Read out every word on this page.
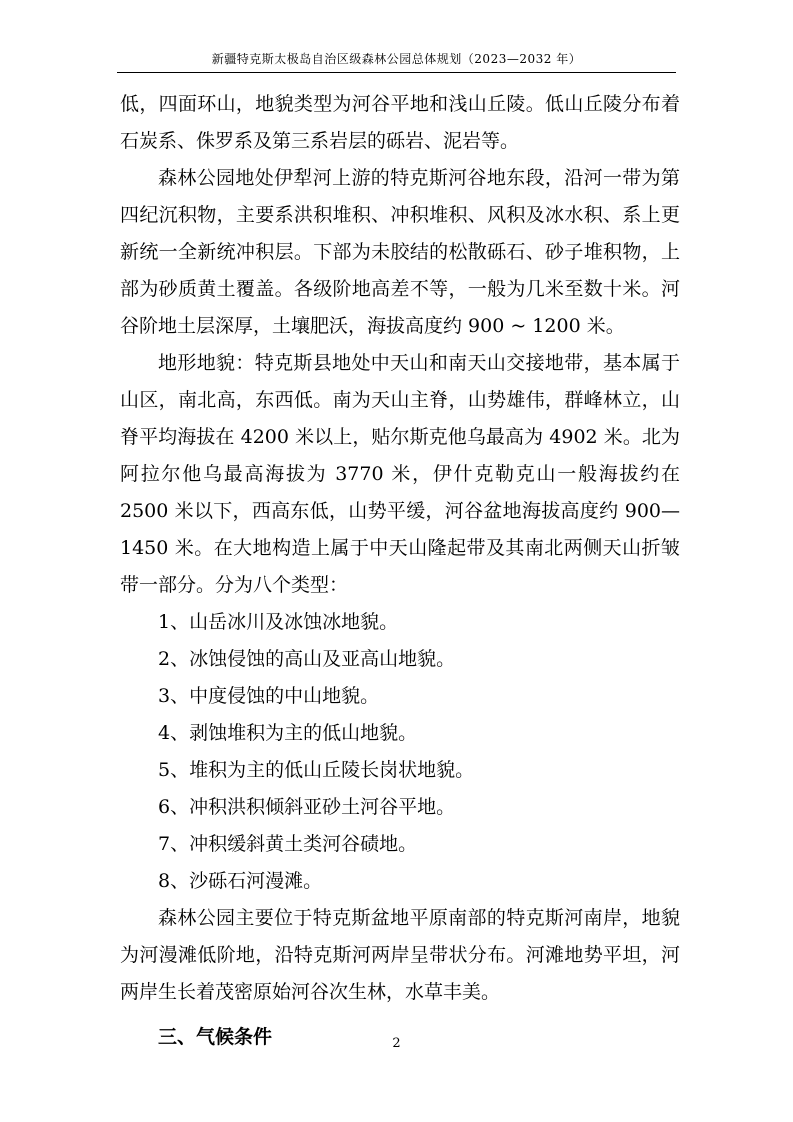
新疆特克斯太极岛自治区级森林公园总体规划（2023—2032 年）

低，四面环山，地貌类型为河谷平地和浅山丘陵。低山丘陵分布着石炭系、侏罗系及第三系岩层的砾岩、泥岩等。

森林公园地处伊犁河上游的特克斯河谷地东段，沿河一带为第四纪沉积物，主要系洪积堆积、冲积堆积、风积及冰水积、系上更新统一全新统冲积层。下部为未胶结的松散砾石、砂子堆积物，上部为砂质黄土覆盖。各级阶地高差不等，一般为几米至数十米。河谷阶地土层深厚，土壤肥沃，海拔高度约 900 ~ 1200 米。

地形地貌：特克斯县地处中天山和南天山交接地带，基本属于山区，南北高，东西低。南为天山主脊，山势雄伟，群峰林立，山脊平均海拔在 4200 米以上，贴尔斯克他乌最高为 4902 米。北为阿拉尔他乌最高海拔为 3770 米，伊什克勒克山一般海拔约在 2500 米以下，西高东低，山势平缓，河谷盆地海拔高度约 900—1450 米。在大地构造上属于中天山隆起带及其南北两侧天山折皱带一部分。分为八个类型：

1、山岳冰川及冰蚀冰地貌。

2、冰蚀侵蚀的高山及亚高山地貌。

3、中度侵蚀的中山地貌。

4、剥蚀堆积为主的低山地貌。

5、堆积为主的低山丘陵长岗状地貌。

6、冲积洪积倾斜亚砂土河谷平地。

7、冲积缓斜黄土类河谷碛地。

8、沙砾石河漫滩。

森林公园主要位于特克斯盆地平原南部的特克斯河南岸，地貌为河漫滩低阶地，沿特克斯河两岸呈带状分布。河滩地势平坦，河两岸生长着茂密原始河谷次生林，水草丰美。

三、气候条件	2
